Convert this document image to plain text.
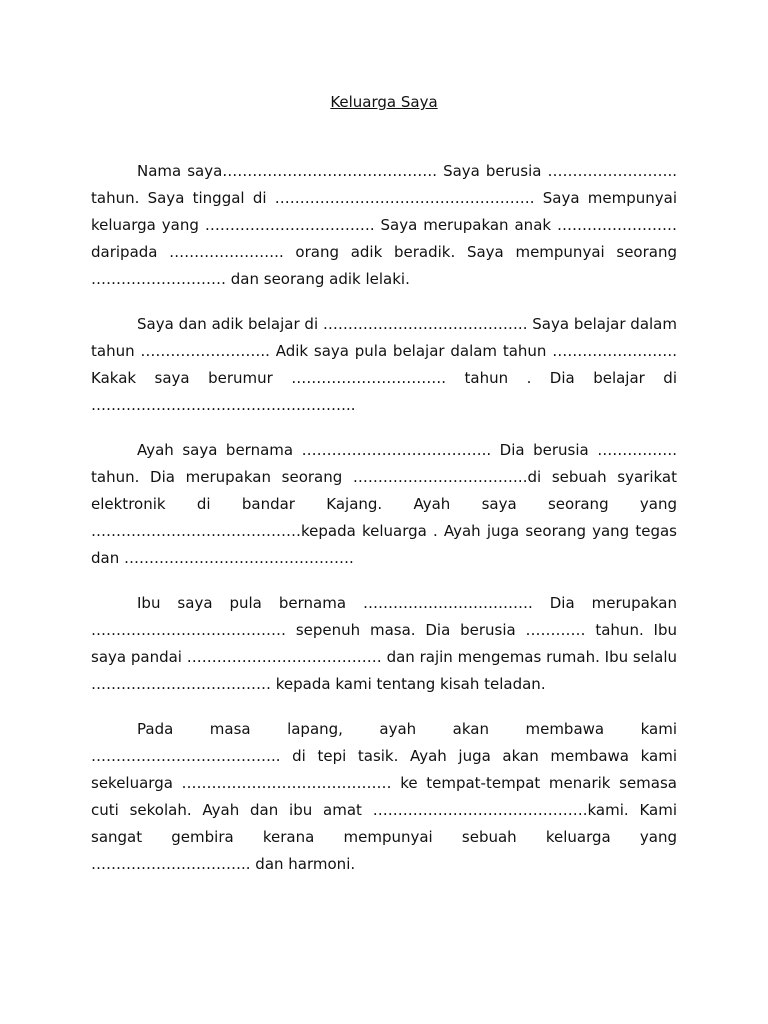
Keluarga Saya

Nama saya……………………………………. Saya berusia …………………….. tahun. Saya tinggal di ……………………………………………. Saya mempunyai keluarga yang ……………………………. Saya merupakan anak …………………… daripada ………………….. orang adik beradik. Saya mempunyai seorang ……………………… dan seorang adik lelaki.

Saya dan adik belajar di ………………………………….. Saya belajar dalam tahun …………………….. Adik saya pula belajar dalam tahun ……………………. Kakak saya berumur …………………………. tahun . Dia belajar di ……………………………………………..

Ayah saya bernama ……………………………….. Dia berusia ……………. tahun. Dia merupakan seorang ……………………………..di sebuah syarikat elektronik di bandar Kajang. Ayah saya seorang yang ……………………………………kepada keluarga . Ayah juga seorang yang tegas dan ……………………………………….

Ibu saya pula bernama ……………………………. Dia merupakan ………………………………… sepenuh masa. Dia berusia ………… tahun. Ibu saya pandai ………………………………… dan rajin mengemas rumah. Ibu selalu ……………………………… kepada kami tentang kisah teladan.

Pada masa lapang, ayah akan membawa kami ……………………………….. di tepi tasik. Ayah juga akan membawa kami sekeluarga …………………………………… ke tempat-tempat menarik semasa cuti sekolah. Ayah dan ibu amat …………………………………….kami. Kami sangat gembira kerana mempunyai sebuah keluarga yang ………………………….. dan harmoni.
